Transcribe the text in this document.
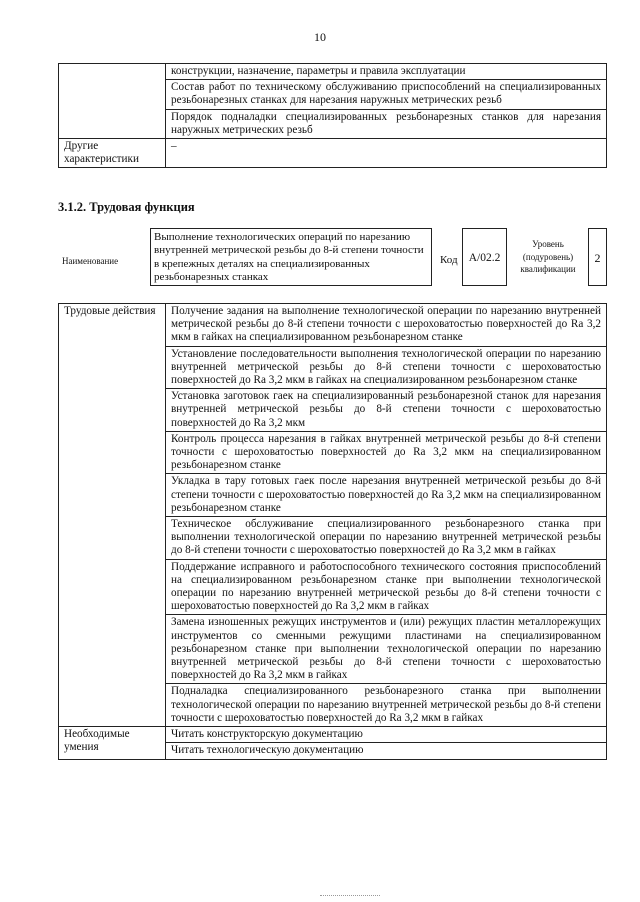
10
	конструкции, назначение, параметры и правила эксплуатации
	Состав работ по техническому обслуживанию приспособлений на специализированных резьбонарезных станках для нарезания наружных метрических резьб
	Порядок подналадки специализированных резьбонарезных станков для нарезания наружных метрических резьб
Другие характеристики	–
3.1.2. Трудовая функция
Наименование
Выполнение технологических операций по нарезанию внутренней метрической резьбы до 8-й степени точности в крепежных деталях на специализированных резьбонарезных станках
Код A/02.2
Уровень (подуровень) квалификации
2
Трудовые действия	Получение задания на выполнение технологической операции по нарезанию внутренней метрической резьбы до 8-й степени точности с шероховатостью поверхностей до Ra 3,2 мкм в гайках на специализированном резьбонарезном станке
	Установление последовательности выполнения технологической операции по нарезанию внутренней метрической резьбы до 8-й степени точности с шероховатостью поверхностей до Ra 3,2 мкм в гайках на специализированном резьбонарезном станке
	Установка заготовок гаек на специализированный резьбонарезной станок для нарезания внутренней метрической резьбы до 8-й степени точности с шероховатостью поверхностей до Ra 3,2 мкм
	Контроль процесса нарезания в гайках внутренней метрической резьбы до 8-й степени точности с шероховатостью поверхностей до Ra 3,2 мкм на специализированном резьбонарезном станке
	Укладка в тару готовых гаек после нарезания внутренней метрической резьбы до 8-й степени точности с шероховатостью поверхностей до Ra 3,2 мкм на специализированном резьбонарезном станке
	Техническое обслуживание специализированного резьбонарезного станка при выполнении технологической операции по нарезанию внутренней метрической резьбы до 8-й степени точности с шероховатостью поверхностей до Ra 3,2 мкм в гайках
	Поддержание исправного и работоспособного технического состояния приспособлений на специализированном резьбонарезном станке при выполнении технологической операции по нарезанию внутренней метрической резьбы до 8-й степени точности с шероховатостью поверхностей до Ra 3,2 мкм в гайках
	Замена изношенных режущих инструментов и (или) режущих пластин металлорежущих инструментов со сменными режущими пластинами на специализированном резьбонарезном станке при выполнении технологической операции по нарезанию внутренней метрической резьбы до 8-й степени точности с шероховатостью поверхностей до Ra 3,2 мкм в гайках
	Подналадка специализированного резьбонарезного станка при выполнении технологической операции по нарезанию внутренней метрической резьбы до 8-й степени точности с шероховатостью поверхностей до Ra 3,2 мкм в гайках
Необходимые умения	Читать конструкторскую документацию
	Читать технологическую документацию
